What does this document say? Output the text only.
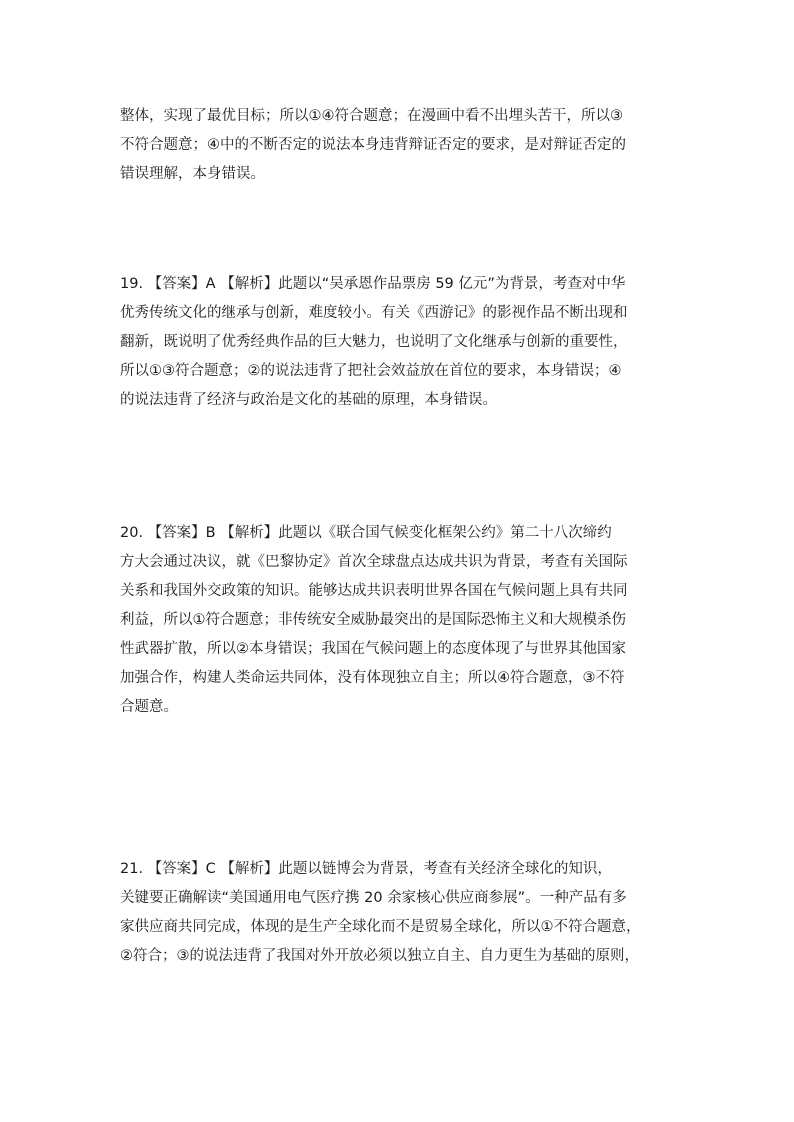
整体，实现了最优目标；所以①④符合题意；在漫画中看不出埋头苦干，所以③
不符合题意；④中的不断否定的说法本身违背辩证否定的要求，是对辩证否定的
错误理解，本身错误。

19. 【答案】A 【解析】此题以“吴承恩作品票房 59 亿元”为背景，考查对中华
优秀传统文化的继承与创新，难度较小。有关《西游记》的影视作品不断出现和
翻新，既说明了优秀经典作品的巨大魅力，也说明了文化继承与创新的重要性，
所以①③符合题意；②的说法违背了把社会效益放在首位的要求，本身错误；④
的说法违背了经济与政治是文化的基础的原理，本身错误。

20. 【答案】B 【解析】此题以《联合国气候变化框架公约》第二十八次缔约
方大会通过决议，就《巴黎协定》首次全球盘点达成共识为背景，考查有关国际
关系和我国外交政策的知识。能够达成共识表明世界各国在气候问题上具有共同
利益，所以①符合题意；非传统安全威胁最突出的是国际恐怖主义和大规模杀伤
性武器扩散，所以②本身错误；我国在气候问题上的态度体现了与世界其他国家
加强合作，构建人类命运共同体，没有体现独立自主；所以④符合题意，③不符
合题意。

21. 【答案】C 【解析】此题以链博会为背景，考查有关经济全球化的知识，
关键要正确解读“美国通用电气医疗携 20 余家核心供应商参展”。一种产品有多
家供应商共同完成，体现的是生产全球化而不是贸易全球化，所以①不符合题意，
②符合；③的说法违背了我国对外开放必须以独立自主、自力更生为基础的原则，
